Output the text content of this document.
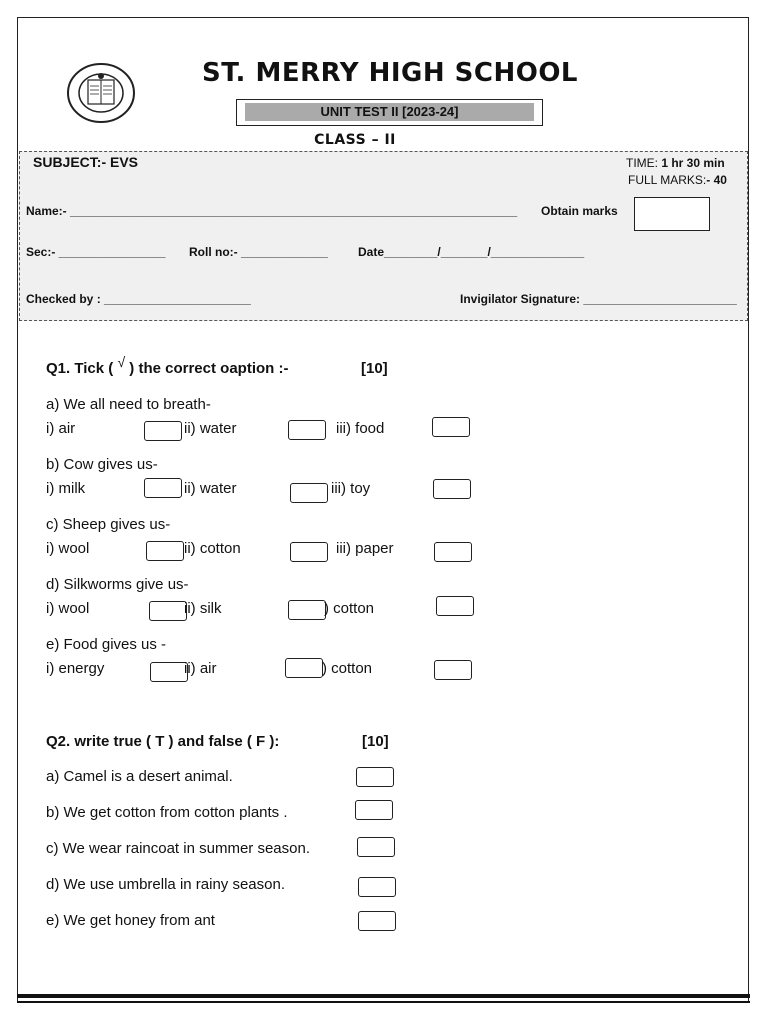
ST. MERRY HIGH SCHOOL
UNIT TEST II [2023-24]
CLASS – II
SUBJECT:- EVS	TIME: 1 hr 30 min
FULL MARKS:- 40
Name:- ___________________________________________________________________ Obtain marks
Sec:- ________________ Roll no:- _____________	Date________/_______/______________
Checked by : ______________________	Invigilator Signature: _______________________
Q1. Tick ( √ ) the correct oaption :-	[10]
a) We all need to breath-
i) air	ii) water	iii) food
b) Cow gives us-
i) milk	ii) water	iii) toy
c) Sheep gives us-
i) wool	ii) cotton	iii) paper
d) Silkworms give us-
i) wool	ii) silk	) cotton
e) Food gives us -
i) energy	ii) air	) cotton
Q2. write true ( T ) and false ( F ):	[10]
a) Camel is a desert animal.
b) We get cotton from cotton plants .
c) We wear raincoat in summer season.
d) We use umbrella in rainy season.
e) We get honey from ant
